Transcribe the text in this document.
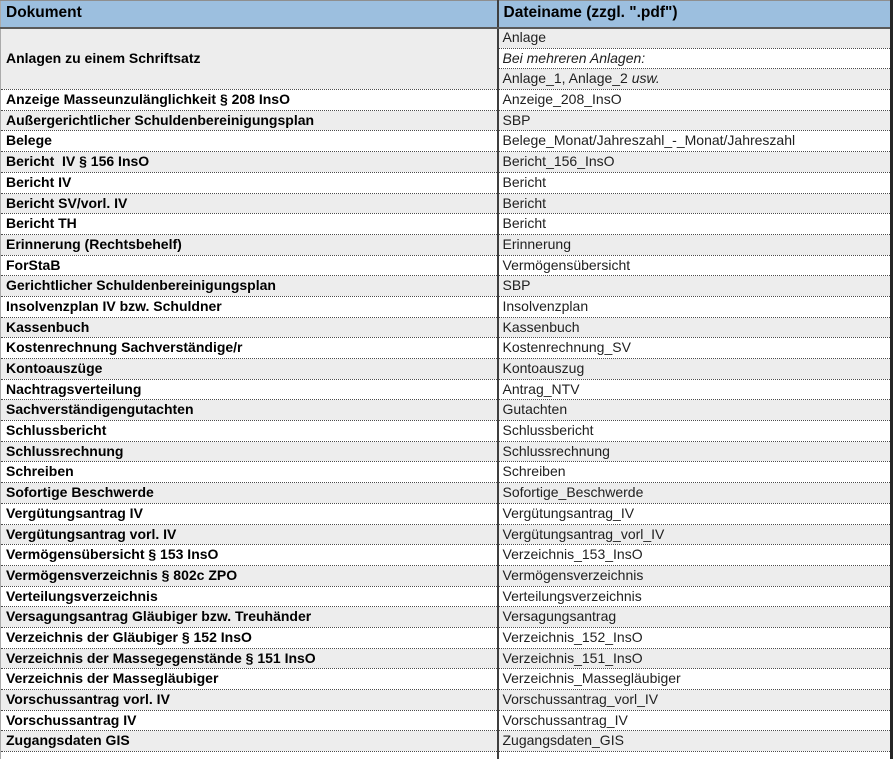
Dokument	Dateiname (zzgl. ".pdf")
Anlagen zu einem Schriftsatz	Anlage
	Bei mehreren Anlagen:
	Anlage_1, Anlage_2 usw.
Anzeige Masseunzulänglichkeit § 208 InsO	Anzeige_208_InsO
Außergerichtlicher Schuldenbereinigungsplan	SBP
Belege	Belege_Monat/Jahreszahl_-_Monat/Jahreszahl
Bericht  IV § 156 InsO	Bericht_156_InsO
Bericht IV	Bericht
Bericht SV/vorl. IV	Bericht
Bericht TH	Bericht
Erinnerung (Rechtsbehelf)	Erinnerung
ForStaB	Vermögensübersicht
Gerichtlicher Schuldenbereinigungsplan	SBP
Insolvenzplan IV bzw. Schuldner	Insolvenzplan
Kassenbuch	Kassenbuch
Kostenrechnung Sachverständige/r	Kostenrechnung_SV
Kontoauszüge	Kontoauszug
Nachtragsverteilung	Antrag_NTV
Sachverständigengutachten	Gutachten
Schlussbericht	Schlussbericht
Schlussrechnung	Schlussrechnung
Schreiben	Schreiben
Sofortige Beschwerde	Sofortige_Beschwerde
Vergütungsantrag IV	Vergütungsantrag_IV
Vergütungsantrag vorl. IV	Vergütungsantrag_vorl_IV
Vermögensübersicht § 153 InsO	Verzeichnis_153_InsO
Vermögensverzeichnis § 802c ZPO	Vermögensverzeichnis
Verteilungsverzeichnis	Verteilungsverzeichnis
Versagungsantrag Gläubiger bzw. Treuhänder	Versagungsantrag
Verzeichnis der Gläubiger § 152 InsO	Verzeichnis_152_InsO
Verzeichnis der Massegegenstände § 151 InsO	Verzeichnis_151_InsO
Verzeichnis der Massegläubiger	Verzeichnis_Massegläubiger
Vorschussantrag vorl. IV	Vorschussantrag_vorl_IV
Vorschussantrag IV	Vorschussantrag_IV
Zugangsdaten GIS	Zugangsdaten_GIS
